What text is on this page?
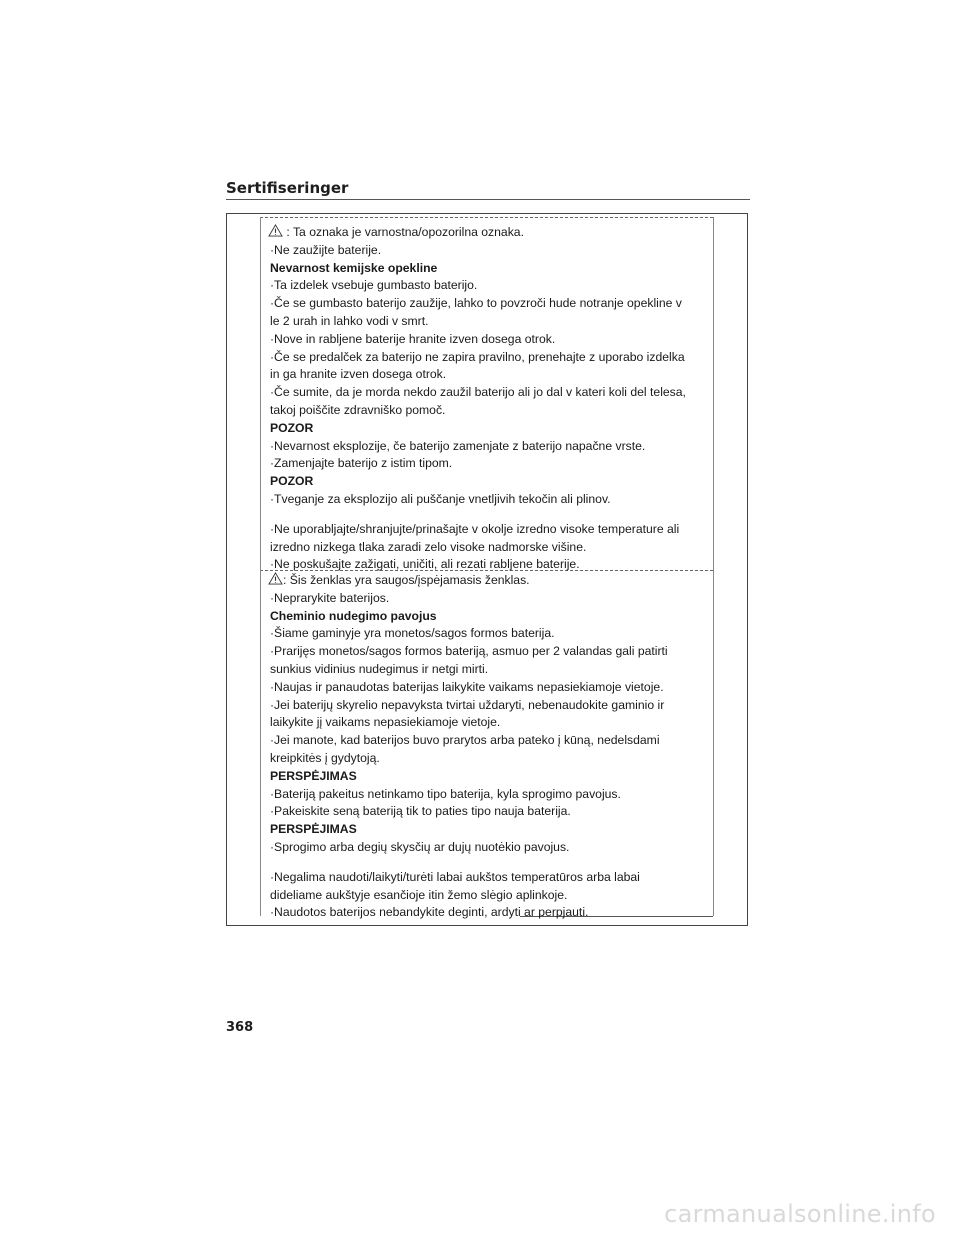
Sertifiseringer
: Ta oznaka je varnostna/opozorilna oznaka.
·Ne zaužijte baterije.
Nevarnost kemijske opekline
·Ta izdelek vsebuje gumbasto baterijo.
·Če se gumbasto baterijo zaužije, lahko to povzroči hude notranje opekline v
le 2 urah in lahko vodi v smrt.
·Nove in rabljene baterije hranite izven dosega otrok.
·Če se predalček za baterijo ne zapira pravilno, prenehajte z uporabo izdelka
in ga hranite izven dosega otrok.
·Če sumite, da je morda nekdo zaužil baterijo ali jo dal v kateri koli del telesa,
takoj poiščite zdravniško pomoč.
POZOR
·Nevarnost eksplozije, če baterijo zamenjate z baterijo napačne vrste.
·Zamenjajte baterijo z istim tipom.
POZOR
·Tveganje za eksplozijo ali puščanje vnetljivih tekočin ali plinov.
·Ne uporabljajte/shranjujte/prinašajte v okolje izredno visoke temperature ali
izredno nizkega tlaka zaradi zelo visoke nadmorske višine.
·Ne poskušajte zažigati, uničiti, ali rezati rabljene baterije.
: Šis ženklas yra saugos/įspėjamasis ženklas.
·Neprarykite baterijos.
Cheminio nudegimo pavojus
·Šiame gaminyje yra monetos/sagos formos baterija.
·Prarijęs monetos/sagos formos bateriją, asmuo per 2 valandas gali patirti
sunkius vidinius nudegimus ir netgi mirti.
·Naujas ir panaudotas baterijas laikykite vaikams nepasiekiamoje vietoje.
·Jei baterijų skyrelio nepavyksta tvirtai uždaryti, nebenaudokite gaminio ir
laikykite jį vaikams nepasiekiamoje vietoje.
·Jei manote, kad baterijos buvo prarytos arba pateko į kūną, nedelsdami
kreipkitės į gydytoją.
PERSPĖJIMAS
·Bateriją pakeitus netinkamo tipo baterija, kyla sprogimo pavojus.
·Pakeiskite seną bateriją tik to paties tipo nauja baterija.
PERSPĖJIMAS
·Sprogimo arba degių skysčių ar dujų nuotėkio pavojus.
·Negalima naudoti/laikyti/turėti labai aukštos temperatūros arba labai
dideliame aukštyje esančioje itin žemo slėgio aplinkoje.
·Naudotos baterijos nebandykite deginti, ardyti ar perpjauti.
368
carmanualsonline.info
